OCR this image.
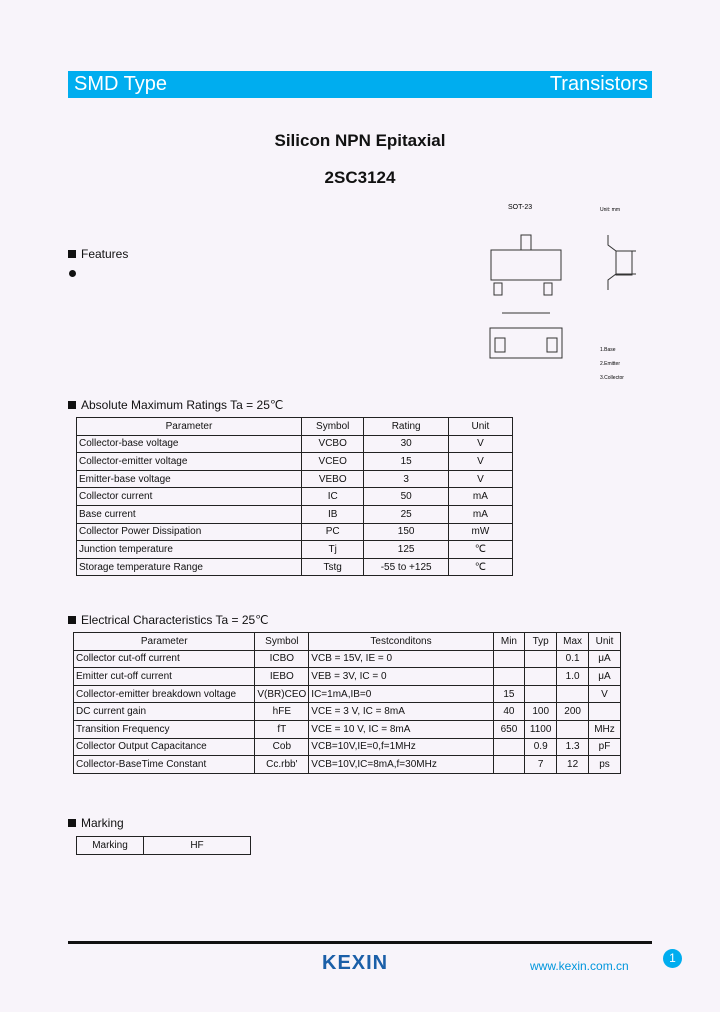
SMD Type	Transistors
Silicon NPN Epitaxial
2SC3124
Features
SOT-23	Unit: mm
1.Base
2.Emitter
3.Collector
Absolute Maximum Ratings Ta = 25℃
Parameter	Symbol	Rating	Unit
Collector-base voltage	VCBO	30	V
Collector-emitter voltage	VCEO	15	V
Emitter-base voltage	VEBO	3	V
Collector current	IC	50	mA
Base current	IB	25	mA
Collector Power Dissipation	PC	150	mW
Junction temperature	Tj	125	℃
Storage temperature Range	Tstg	-55 to +125	℃
Electrical Characteristics Ta = 25℃
Parameter	Symbol	Testconditons	Min	Typ	Max	Unit
Collector cut-off current	ICBO	VCB = 15V, IE = 0			0.1	μA
Emitter cut-off current	IEBO	VEB = 3V, IC = 0			1.0	μA
Collector-emitter breakdown voltage	V(BR)CEO	IC=1mA,IB=0	15			V
DC current gain	hFE	VCE = 3 V, IC = 8mA	40	100	200	
Transition Frequency	fT	VCE = 10 V, IC = 8mA	650	1100		MHz
Collector Output Capacitance	Cob	VCB=10V,IE=0,f=1MHz		0.9	1.3	pF
Collector-BaseTime Constant	Cc.rbb'	VCB=10V,IC=8mA,f=30MHz		7	12	ps
Marking
Marking	HF
KEXIN	www.kexin.com.cn
1
